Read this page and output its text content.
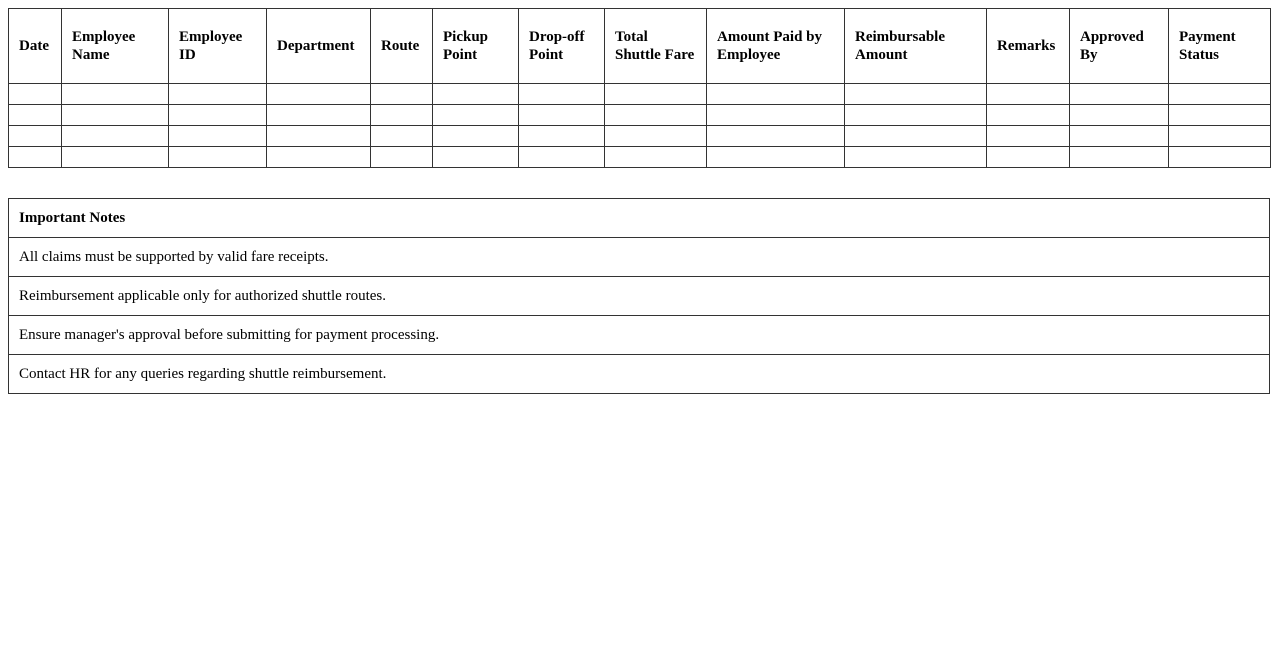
Date	Employee Name	Employee ID	Department	Route	Pickup Point	Drop-off Point	Total Shuttle Fare	Amount Paid by Employee	Reimbursable Amount	Remarks	Approved By	Payment Status

Important Notes
All claims must be supported by valid fare receipts.
Reimbursement applicable only for authorized shuttle routes.
Ensure manager's approval before submitting for payment processing.
Contact HR for any queries regarding shuttle reimbursement.
